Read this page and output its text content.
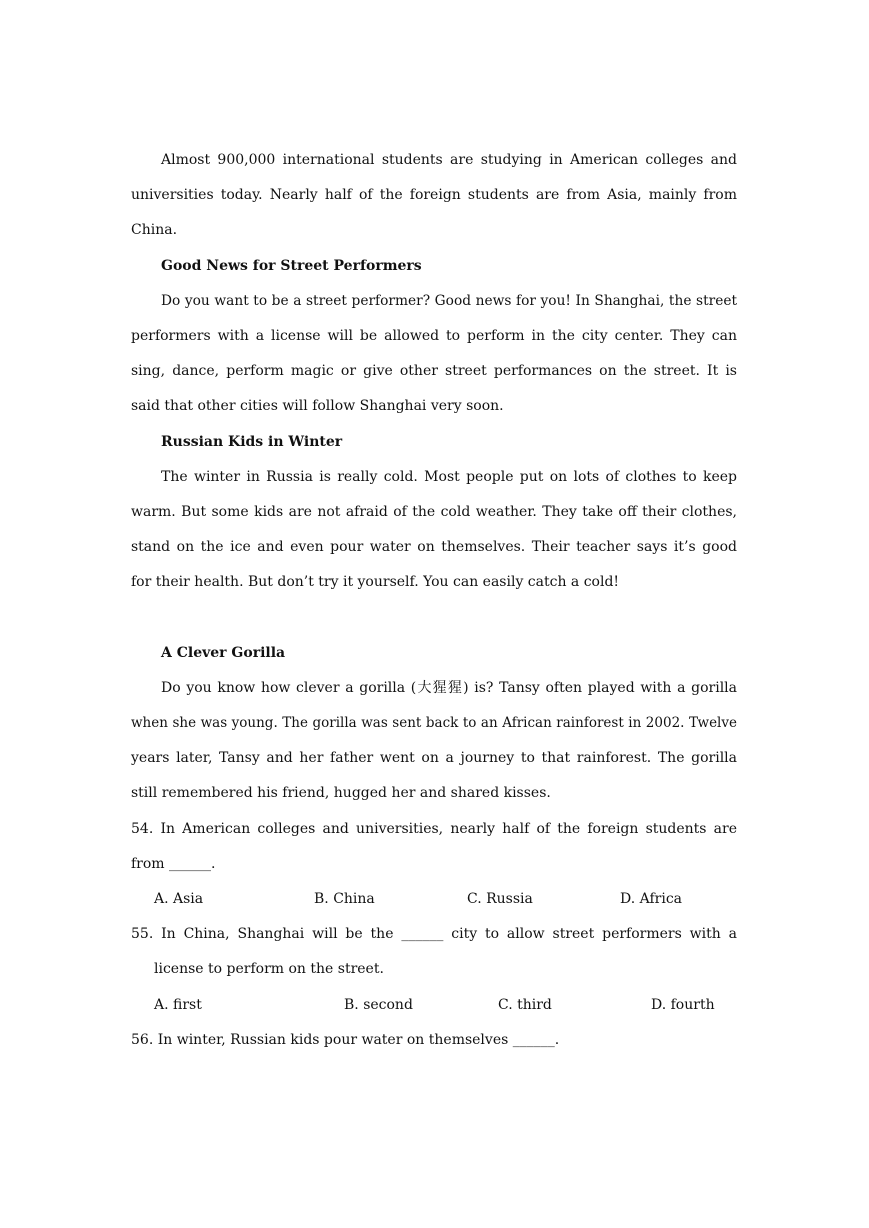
Almost 900,000 international students are studying in American colleges and
universities today. Nearly half of the foreign students are from Asia, mainly from
China.
Good News for Street Performers
Do you want to be a street performer? Good news for you! In Shanghai, the street
performers with a license will be allowed to perform in the city center. They can
sing, dance, perform magic or give other street performances on the street. It is
said that other cities will follow Shanghai very soon.
Russian Kids in Winter
The winter in Russia is really cold. Most people put on lots of clothes to keep
warm. But some kids are not afraid of the cold weather. They take off their clothes,
stand on the ice and even pour water on themselves. Their teacher says it’s good
for their health. But don’t try it yourself. You can easily catch a cold!
A Clever Gorilla
Do you know how clever a gorilla (大猩猩) is? Tansy often played with a gorilla
when she was young. The gorilla was sent back to an African rainforest in 2002. Twelve
years later, Tansy and her father went on a journey to that rainforest. The gorilla
still remembered his friend, hugged her and shared kisses.
54. In American colleges and universities, nearly half of the foreign students are
from ______.
A. Asia	B. China	C. Russia	D. Africa
55. In China, Shanghai will be the ______ city to allow street performers with a
license to perform on the street.
A. first	B. second	C. third	D. fourth
56. In winter, Russian kids pour water on themselves ______.
